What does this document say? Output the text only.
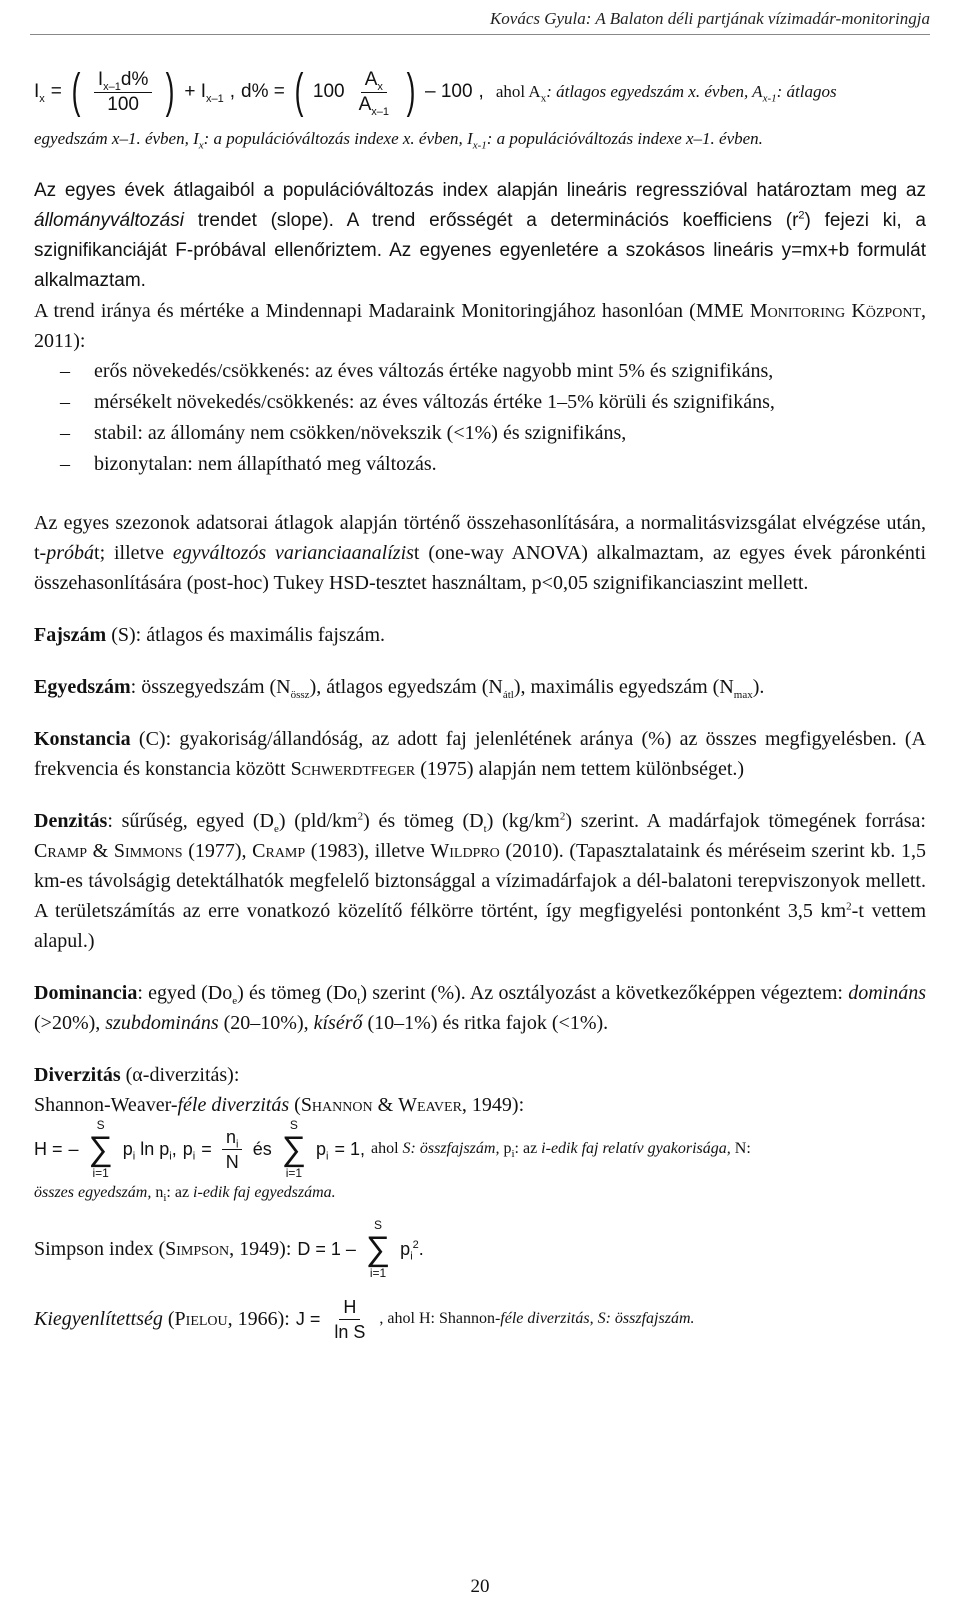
Kovács Gyula: A Balaton déli partjának vízimadár-monitoringja
$I_x$ = ( $\frac{I_{x-1}d\%}{100}$ ) + $I_{x-1}$ , d% = ( $100 \frac{A_x}{A_{x-1}}$ ) – 100 , ahol $A_x$: átlagos egyedszám x. évben, $A_{x-1}$: átlagos

egyedszám x–1. évben, $I_x$: a populációváltozás indexe x. évben, $I_{x-1}$: a populációváltozás indexe x–1. évben.

Az egyes évek átlagaiból a populációváltozás index alapján lineáris regresszióval határoztam meg az állományváltozási trendet (slope). A trend erősségét a determinációs koefficiens $(r^2)$ fejezi ki, a szignifikanciáját F-próbával ellenőriztem. Az egyenes egyenletére a szokásos lineáris y=mx+b formulát alkalmaztam.

A trend iránya és mértéke a Mindennapi Madaraink Monitoringjához hasonlóan (MME Monitoring Központ, 2011):

– erős növekedés/csökkenés: az éves változás értéke nagyobb mint 5% és szignifikáns,
– mérsékelt növekedés/csökkenés: az éves változás értéke 1–5% körüli és szignifikáns,
– stabil: az állomány nem csökken/növekszik (<1%) és szignifikáns,
– bizonytalan: nem állapítható meg változás.

Az egyes szezonok adatsorai átlagok alapján történő összehasonlítására, a normalitásvizsgálat elvégzése után, t-próbát; illetve egyváltozós varianciaanalízist (one-way ANOVA) alkalmaztam, az egyes évek páronkénti összehasonlítására (post-hoc) Tukey HSD-tesztet használtam, p<0,05 szignifikanciaszint mellett.

Fajszám (S): átlagos és maximális fajszám.

Egyedszám: összegyedszám $(N_{össz})$, átlagos egyedszám $(N_{átl})$, maximális egyedszám $(N_{max})$.

Konstancia (C): gyakoriság/állandóság, az adott faj jelenlétének aránya (%) az összes megfigyelésben. (A frekvencia és konstancia között Schwerdtfeger (1975) alapján nem tettem különbséget.)

Denzitás: sűrűség, egyed $(D_e)$ $(pld/km^2)$ és tömeg $(D_t)$ $(kg/km^2)$ szerint. A madárfajok tömegének forrása: Cramp & Simmons (1977), Cramp (1983), illetve Wildpro (2010). (Tapasztalataink és méréseim szerint kb. 1,5 km-es távolságig detektálhatók megfelelő biztonsággal a vízimadárfajok a dél-balatoni terepviszonyok mellett. A területszámítás az erre vonatkozó közelítő félkörre történt, így megfigyelési pontonként 3,5 $km^2-t$ vettem alapul.)

Dominancia: egyed $(Do_e)$ és tömeg $(Do_t)$ szerint (%). Az osztályozást a következőképpen végeztem: domináns (>20%), szubdomináns (20–10%), kísérő (10–1%) és ritka fajok (<1%).

Diverzitás (α-diverzitás):

Shannon-Weaver-féle diverzitás (Shannon & Weaver, 1949):

H = –
S
∑
i=1
$p_i$ $\ln p_i$, $p_i = \frac{n_i}{N}$ és
S
∑
i=1
$p_i = 1$, ahol S: összfajszám, $p_i$: az i-edik faj relatív gyakorisága, N:

összes egyedszám, $n_i$: az i-edik faj egyedszáma.

Simpson index (Simpson, 1949): D = 1 –
S
∑
i=1
$p_i^2$.
Kiegyenlítettség (Pielou, 1966): $J = \frac{H}{\text{ln S}}$ , ahol H: Shannon-féle diverzitás, S: összfajszám.
20
